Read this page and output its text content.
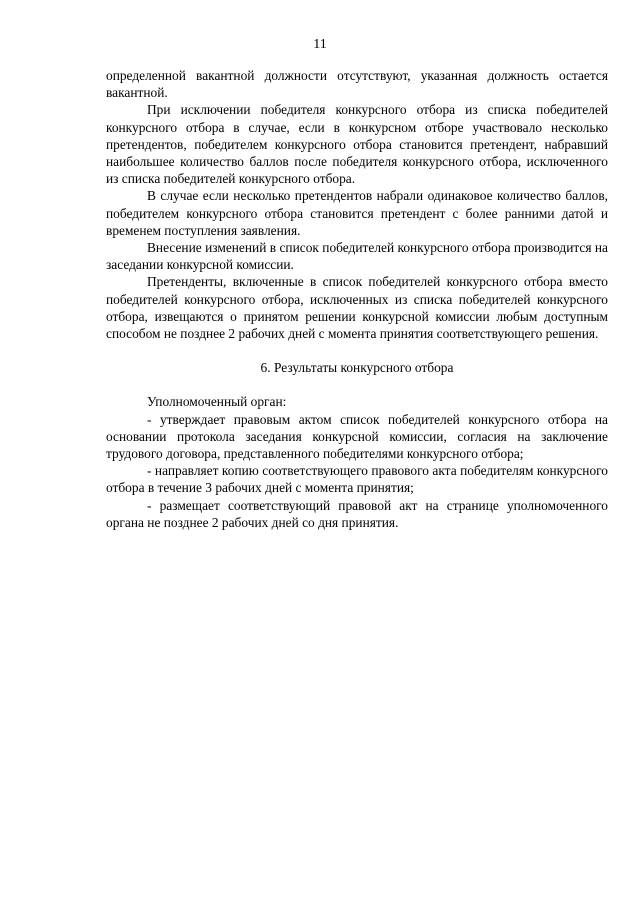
11

определенной вакантной должности отсутствуют, указанная должность остается вакантной.

При исключении победителя конкурсного отбора из списка победителей конкурсного отбора в случае, если в конкурсном отборе участвовало несколько претендентов, победителем конкурсного отбора становится претендент, набравший наибольшее количество баллов после победителя конкурсного отбора, исключенного из списка победителей конкурсного отбора.

В случае если несколько претендентов набрали одинаковое количество баллов, победителем конкурсного отбора становится претендент с более ранними датой и временем поступления заявления.

Внесение изменений в список победителей конкурсного отбора производится на заседании конкурсной комиссии.

Претенденты, включенные в список победителей конкурсного отбора вместо победителей конкурсного отбора, исключенных из списка победителей конкурсного отбора, извещаются о принятом решении конкурсной комиссии любым доступным способом не позднее 2 рабочих дней с момента принятия соответствующего решения.

6. Результаты конкурсного отбора

Уполномоченный орган:

- утверждает правовым актом список победителей конкурсного отбора на основании протокола заседания конкурсной комиссии, согласия на заключение трудового договора, представленного победителями конкурсного отбора;

- направляет копию соответствующего правового акта победителям конкурсного отбора в течение 3 рабочих дней с момента принятия;

- размещает соответствующий правовой акт на странице уполномоченного органа не позднее 2 рабочих дней со дня принятия.
